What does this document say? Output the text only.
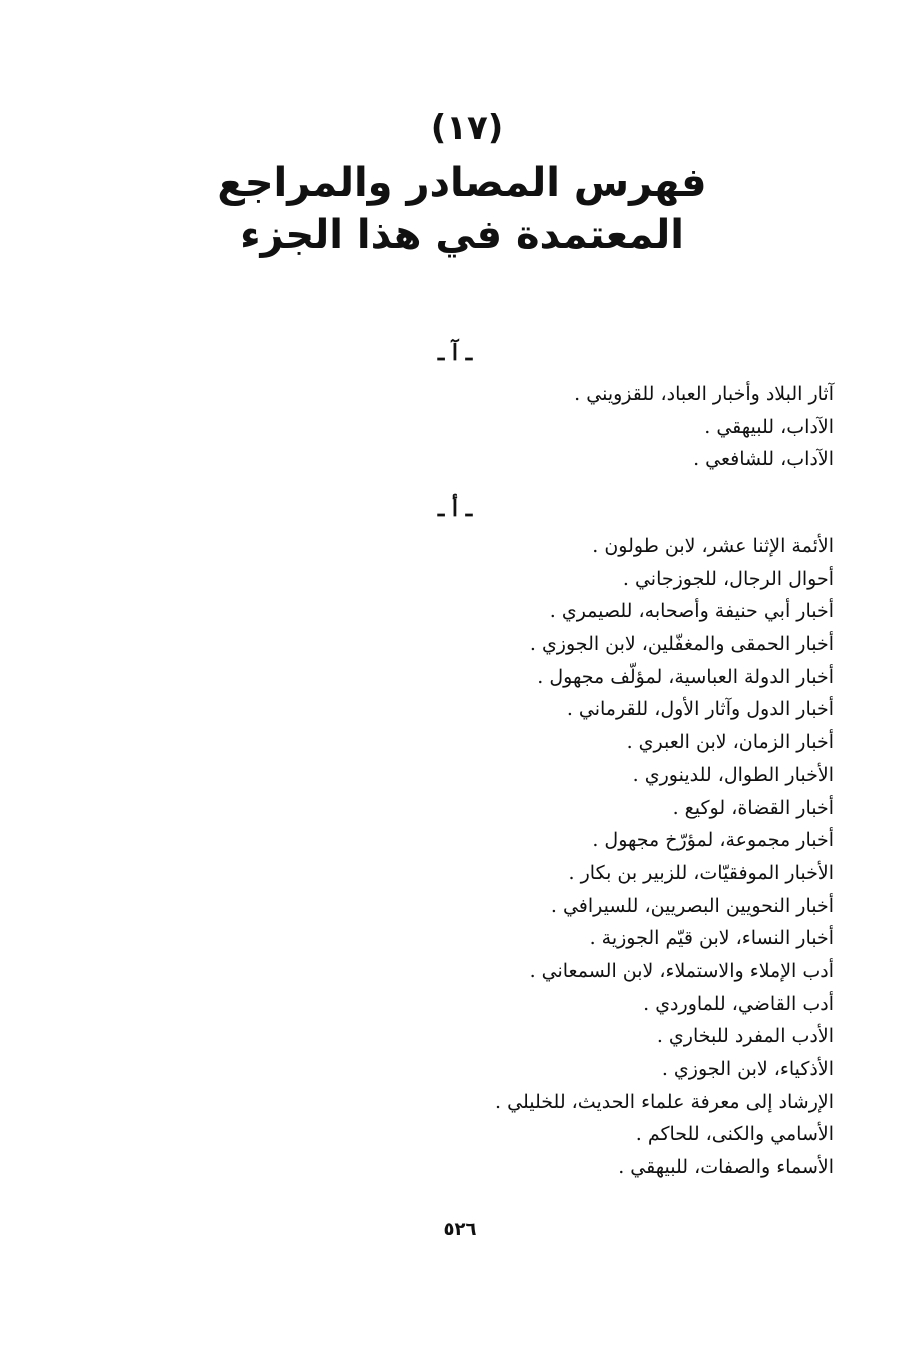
(١٧)
فهرس المصادر والمراجع
المعتمدة في هذا الجزء
ـ آ ـ
آثار البلاد وأخبار العباد، للقزويني .
الآداب، للبيهقي .
الآداب، للشافعي .
ـ أ ـ
الأئمة الإثنا عشر، لابن طولون .
أحوال الرجال، للجوزجاني .
أخبار أبي حنيفة وأصحابه، للصيمري .
أخبار الحمقى والمغفّلين، لابن الجوزي .
أخبار الدولة العباسية، لمؤلّف مجهول .
أخبار الدول وآثار الأول، للقرماني .
أخبار الزمان، لابن العبري .
الأخبار الطوال، للدينوري .
أخبار القضاة، لوكيع .
أخبار مجموعة، لمؤرّخ مجهول .
الأخبار الموفقيّات، للزبير بن بكار .
أخبار النحويين البصريين، للسيرافي .
أخبار النساء، لابن قيّم الجوزية .
أدب الإملاء والاستملاء، لابن السمعاني .
أدب القاضي، للماوردي .
الأدب المفرد للبخاري .
الأذكياء، لابن الجوزي .
الإرشاد إلى معرفة علماء الحديث، للخليلي .
الأسامي والكنى، للحاكم .
الأسماء والصفات، للبيهقي .
٥٢٦
